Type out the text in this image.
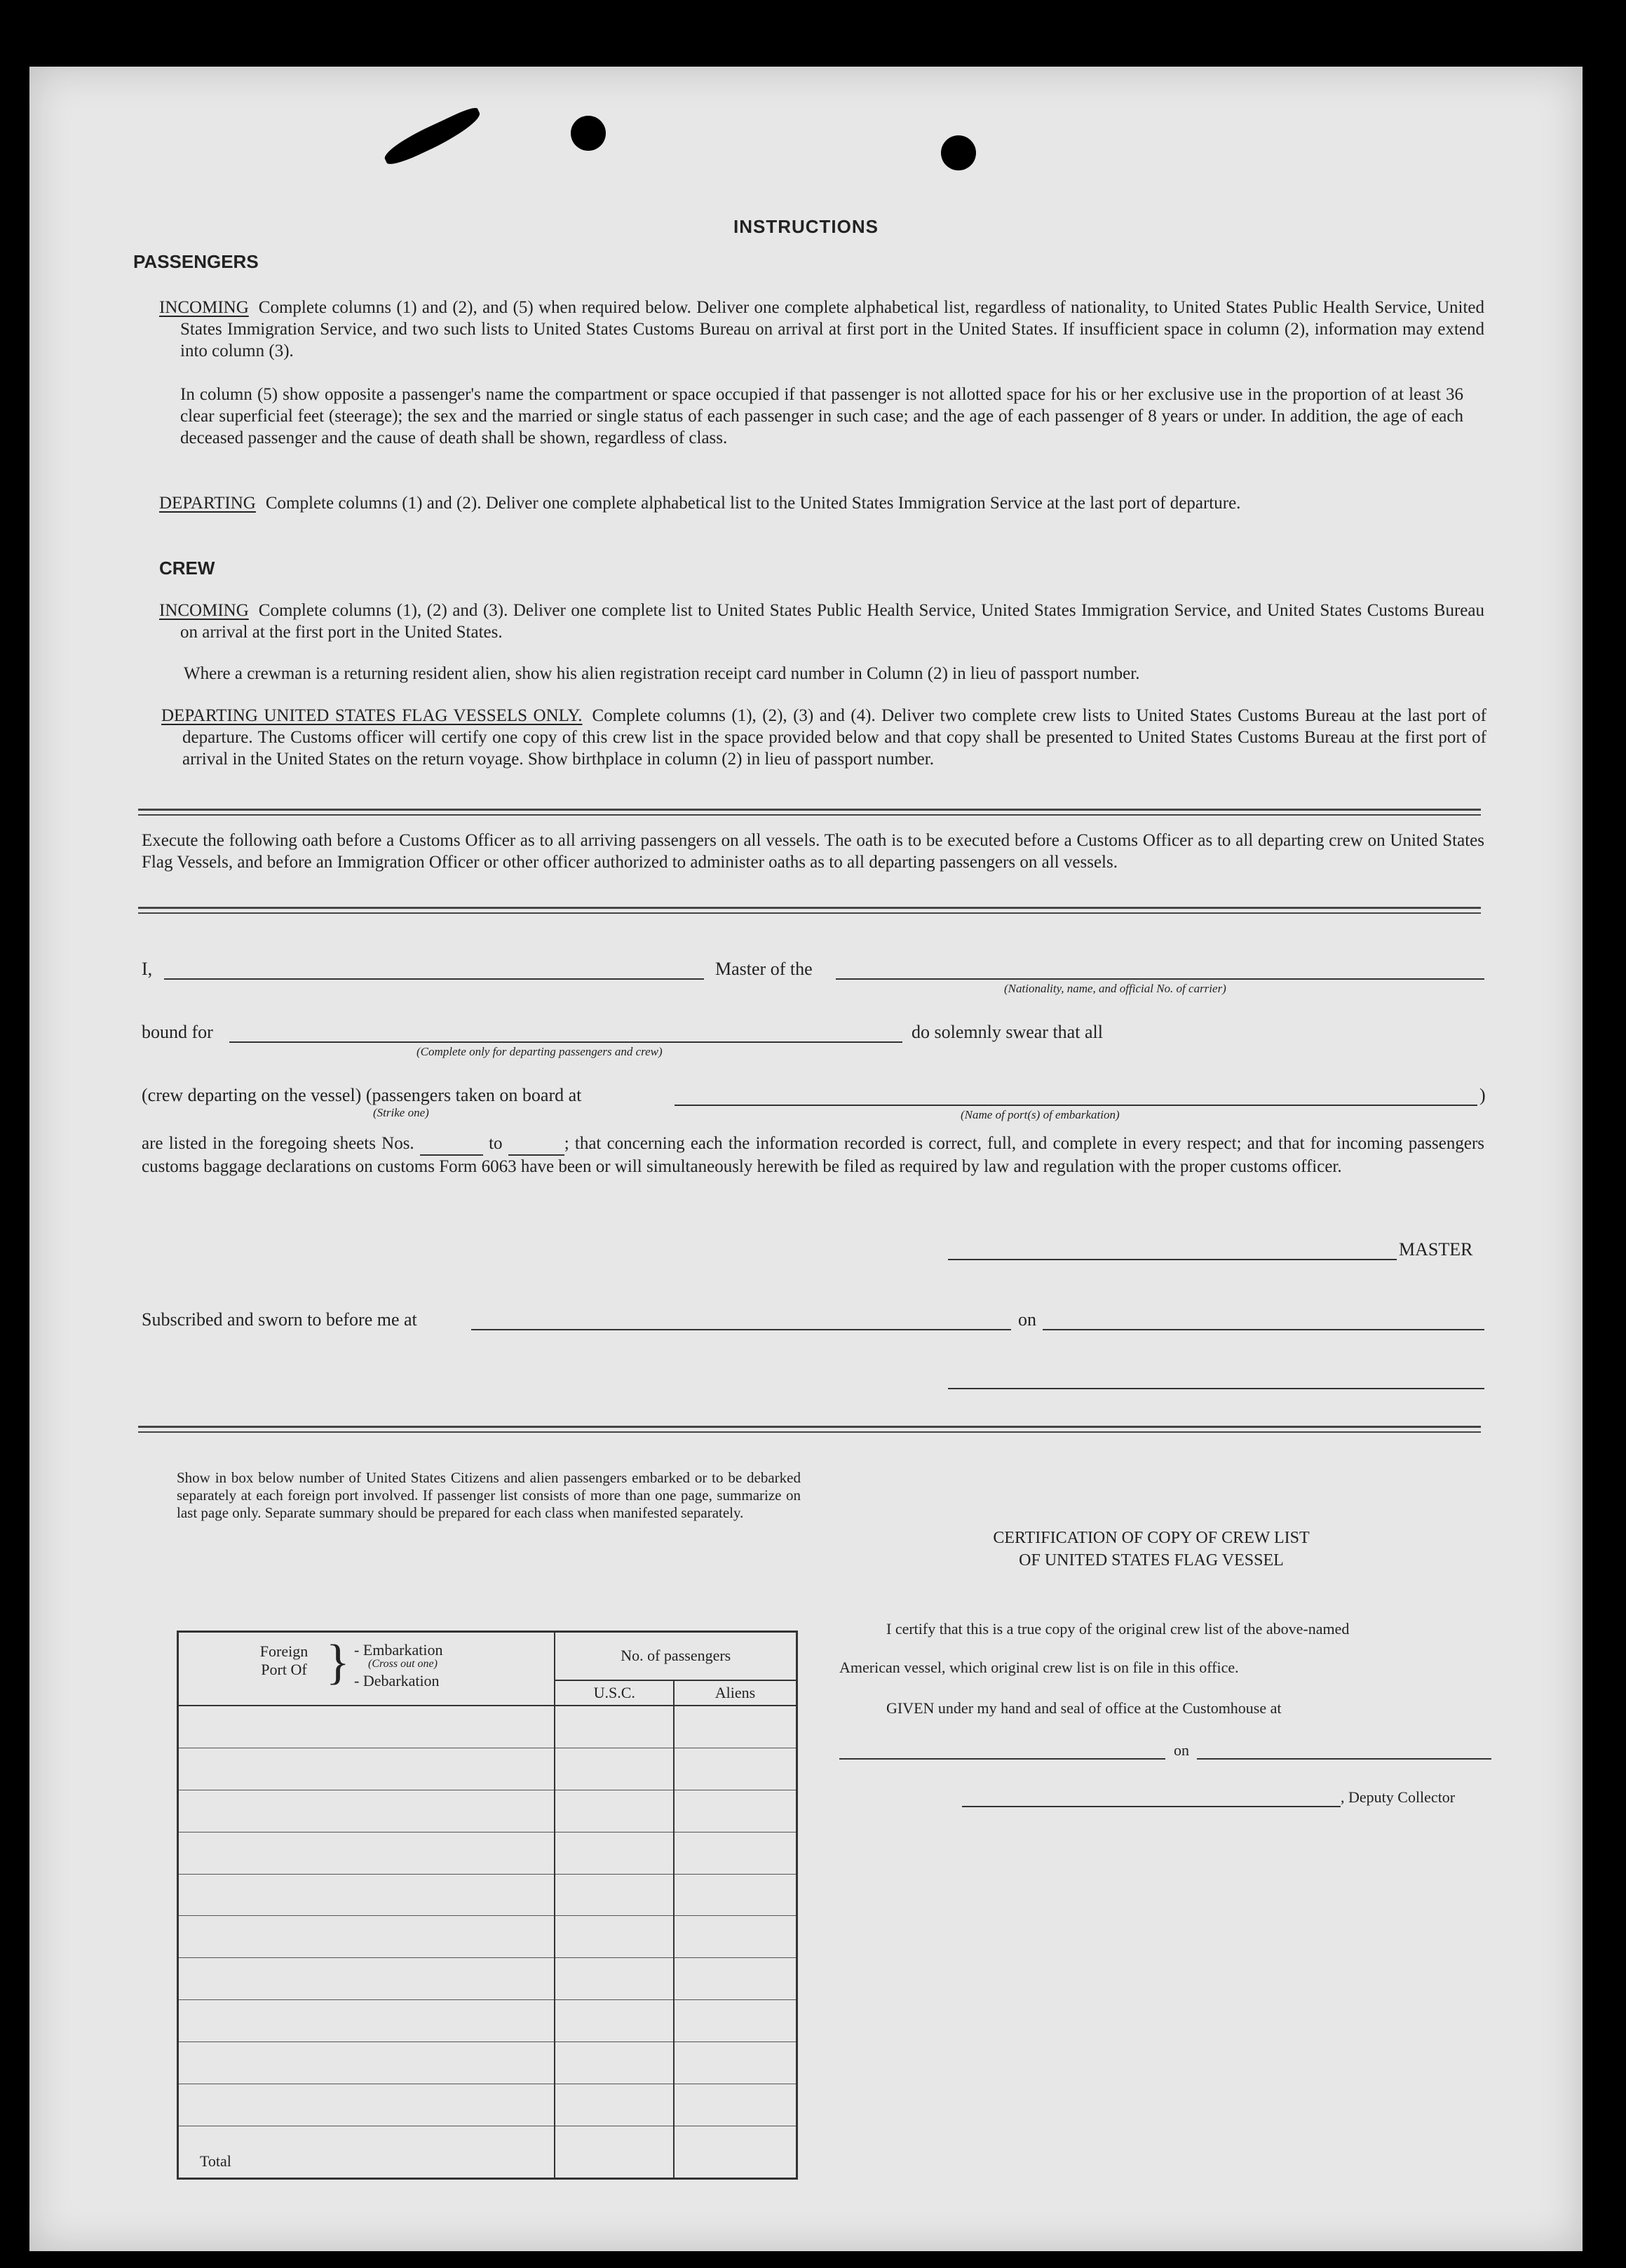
INSTRUCTIONS
PASSENGERS
INCOMING Complete columns (1) and (2), and (5) when required below. Deliver one complete alphabetical list, regardless of nationality, to United States Public Health Service, United States Immigration Service, and two such lists to United States Customs Bureau on arrival at first port in the United States. If insufficient space in column (2), information may extend into column (3).
In column (5) show opposite a passenger's name the compartment or space occupied if that passenger is not allotted space for his or her exclusive use in the proportion of at least 36 clear superficial feet (steerage); the sex and the married or single status of each passenger in such case; and the age of each passenger of 8 years or under. In addition, the age of each deceased passenger and the cause of death shall be shown, regardless of class.
DEPARTING Complete columns (1) and (2). Deliver one complete alphabetical list to the United States Immigration Service at the last port of departure.
CREW
INCOMING Complete columns (1), (2) and (3). Deliver one complete list to United States Public Health Service, United States Immigration Service, and United States Customs Bureau on arrival at the first port in the United States.
Where a crewman is a returning resident alien, show his alien registration receipt card number in Column (2) in lieu of passport number.
DEPARTING UNITED STATES FLAG VESSELS ONLY. Complete columns (1), (2), (3) and (4). Deliver two complete crew lists to United States Customs Bureau at the last port of departure. The Customs officer will certify one copy of this crew list in the space provided below and that copy shall be presented to United States Customs Bureau at the first port of arrival in the United States on the return voyage. Show birthplace in column (2) in lieu of passport number.
Execute the following oath before a Customs Officer as to all arriving passengers on all vessels. The oath is to be executed before a Customs Officer as to all departing crew on United States Flag Vessels, and before an Immigration Officer or other officer authorized to administer oaths as to all departing passengers on all vessels.
I,	Master of the
(Nationality, name, and official No. of carrier)
bound for
(Complete only for departing passengers and crew)
do solemnly swear that all
(crew departing on the vessel) (passengers taken on board at
(Strike one)
)
(Name of port(s) of embarkation)
are listed in the foregoing sheets Nos.	to	; that concerning each the information recorded is correct, full, and complete in every respect; and that for incoming passengers customs baggage declarations on customs Form 6063 have been or will simultaneously herewith be filed as required by law and regulation with the proper customs officer.
MASTER
Subscribed and sworn to before me at	on
Show in box below number of United States Citizens and alien passengers embarked or to be debarked separately at each foreign port involved. If passenger list consists of more than one page, summarize on last page only. Separate summary should be prepared for each class when manifested separately.
Foreign Port Of } - Embarkation
(Cross out one)
- Debarkation	No. of passengers	
	U.S.C.	Aliens

Total		
CERTIFICATION OF COPY OF CREW LIST
OF UNITED STATES FLAG VESSEL
I certify that this is a true copy of the original crew list of the above-named
American vessel, which original crew list is on file in this office.
GIVEN under my hand and seal of office at the Customhouse at
on
, Deputy Collector
